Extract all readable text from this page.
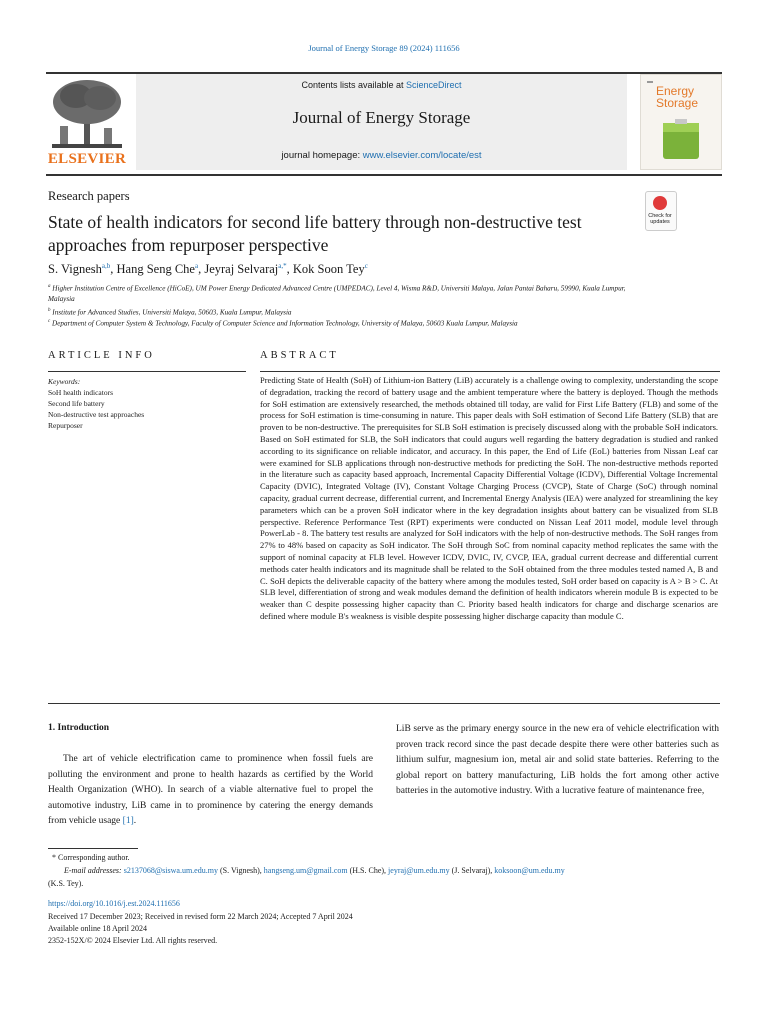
Journal of Energy Storage 89 (2024) 111656
ELSEVIER
Contents lists available at ScienceDirect
Journal of Energy Storage
journal homepage: www.elsevier.com/locate/est
Energy
Storage
Research papers
State of health indicators for second life battery through non-destructive test approaches from repurposer perspective
Check for updates
S. Vignesh$^{a,b}$, Hang Seng Che$^a$, Jeyraj Selvaraj$^{a,*}$, Kok Soon Tey$^c$
$^a$ Higher Institution Centre of Excellence (HiCoE), UM Power Energy Dedicated Advanced Centre (UMPEDAC), Level 4, Wisma R&D, Universiti Malaya, Jalan Pantai Baharu, 59990, Kuala Lumpur, Malaysia
$^b$ Institute for Advanced Studies, Universiti Malaya, 50603, Kuala Lumpur, Malaysia
$^c$ Department of Computer System & Technology, Faculty of Computer Science and Information Technology, University of Malaya, 50603 Kuala Lumpur, Malaysia
ARTICLE INFO
Keywords:
SoH health indicators
Second life battery
Non-destructive test approaches
Repurposer
ABSTRACT
Predicting State of Health (SoH) of Lithium-ion Battery (LiB) accurately is a challenge owing to complexity, understanding the scope of degradation, tracking the record of battery usage and the ambient temperature where the battery is deployed. Though the methods for SoH estimation are extensively researched, the methods obtained till today, are valid for First Life Battery (FLB) and some of the process for SoH estimation is time-consuming in nature. This paper deals with SoH estimation of Second Life Battery (SLB) that are proven to be non-destructive. The prerequisites for SLB SoH estimation is precisely discussed along with the probable SoH indicators. Based on SoH estimated for SLB, the SoH indicators that could augurs well regarding the battery degradation is studied and ranked according to its significance on reliable indicator, and accuracy. In this paper, the End of Life (EoL) batteries from Nissan Leaf car were examined for SLB applications through non-destructive methods for predicting the SoH. The non-destructive methods reported in the literature such as capacity based approach, Incremental Capacity Differential Voltage (ICDV), Differential Voltage Incremental Capacity (DVIC), Integrated Voltage (IV), Constant Voltage Charging Process (CVCP), State of Charge (SoC) through nominal capacity, gradual current decrease, differential current, and Incremental Energy Analysis (IEA) were analyzed for streamlining the key parameters which can be a proven SoH indicator where in the key degradation insights about battery can be visualized from SLB perspective. Reference Performance Test (RPT) experiments were conducted on Nissan Leaf 2011 model, module level through PowerLab - 8. The battery test results are analyzed for SoH indicators with the help of non-destructive methods. The SoH ranges from 27% to 48% based on capacity as SoH indicator. The SoH through SoC from nominal capacity method replicates the same with the support of nominal capacity at FLB level. However ICDV, DVIC, IV, CVCP, IEA, gradual current decrease and differential current methods cater health indicators and its magnitude shall be related to the SoH obtained from the three modules tested named A, B and C. SoH depicts the deliverable capacity of the battery where among the modules tested, SoH order based on capacity is A > B > C. At SLB level, differentiation of strong and weak modules demand the definition of health indicators wherein module B is expected to be weaker than C despite possessing higher capacity than C. Priority based health indicators for charge and discharge scenarios are defined where module B's weakness is visible despite possessing higher discharge capacity than module C.
1. Introduction
The art of vehicle electrification came to prominence when fossil fuels are polluting the environment and prone to health hazards as certified by the World Health Organization (WHO). In search of a viable alternative fuel to propel the automotive industry, LiB came in to prominence by catering the energy demands from vehicle usage [1].
LiB serve as the primary energy source in the new era of vehicle electrification with proven track record since the past decade despite there were other batteries such as lithium sulfur, magnesium ion, metal air and solid state batteries. Referring to the global report on battery manufacturing, LiB holds the fort among other active batteries in the automotive industry. With a lucrative feature of maintenance free,
* Corresponding author.
E-mail addresses: s2137068@siswa.um.edu.my (S. Vignesh), hangseng.um@gmail.com (H.S. Che), jeyraj@um.edu.my (J. Selvaraj), koksoon@um.edu.my
(K.S. Tey).
https://doi.org/10.1016/j.est.2024.111656
Received 17 December 2023; Received in revised form 22 March 2024; Accepted 7 April 2024
Available online 18 April 2024
2352-152X/© 2024 Elsevier Ltd. All rights reserved.
